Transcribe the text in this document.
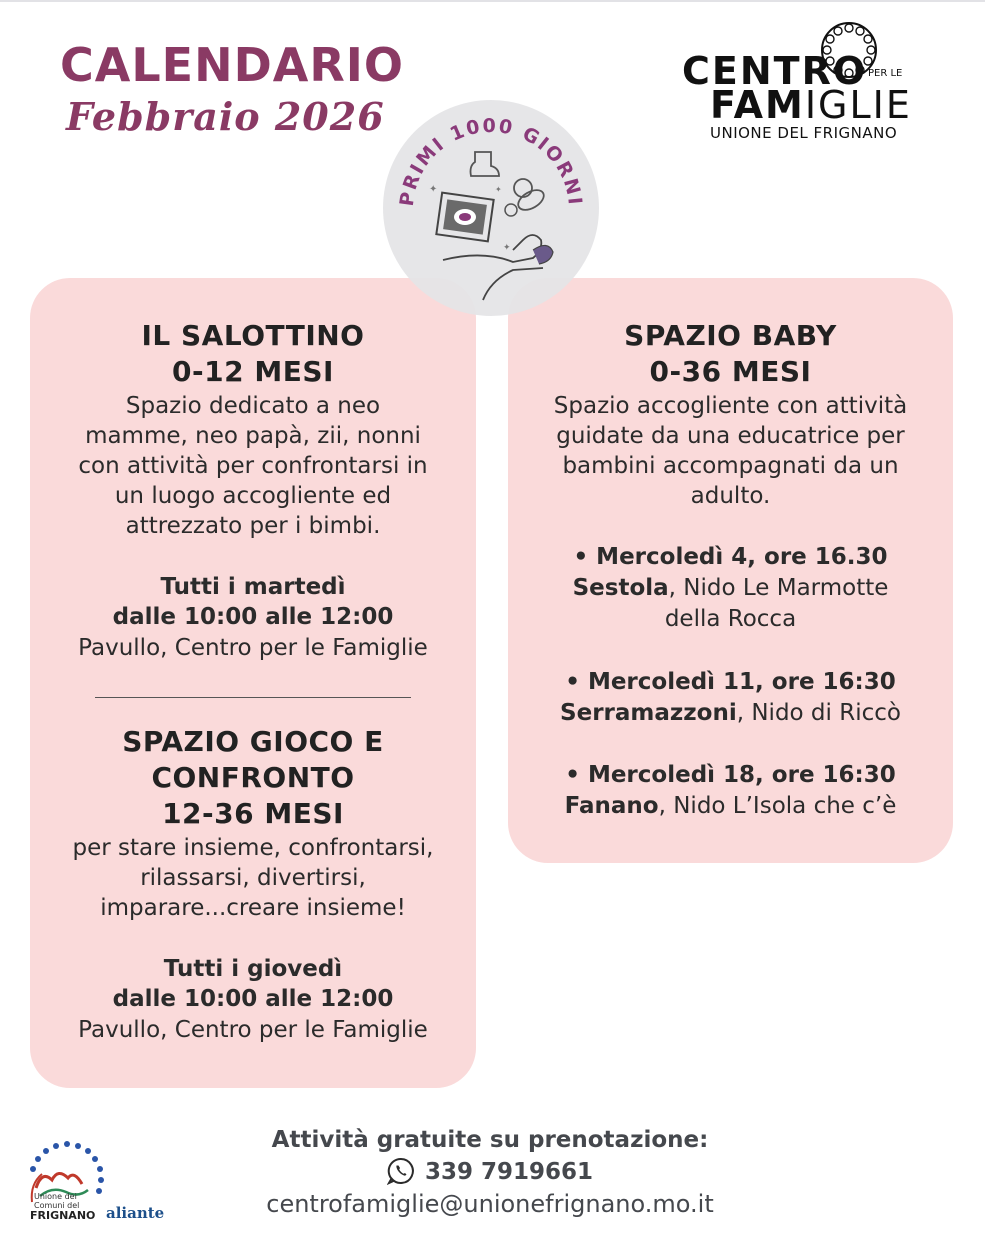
CALENDARIO
Febbraio 2026
CENTRO PER LE
FAMIGLIE
UNIONE DEL FRIGNANO
PRIMI 1000 GIORNI
✦	✦
✦
IL SALOTTINO
0-12 MESI
Spazio dedicato a neo
mamme, neo papà, zii, nonni
con attività per confrontarsi in
un luogo accogliente ed
attrezzato per i bimbi.
Tutti i martedì
dalle 10:00 alle 12:00
Pavullo, Centro per le Famiglie
SPAZIO GIOCO E
CONFRONTO
12-36 MESI
per stare insieme, confrontarsi,
rilassarsi, divertirsi,
imparare...creare insieme!
Tutti i giovedì
dalle 10:00 alle 12:00
Pavullo, Centro per le Famiglie
SPAZIO BABY
0-36 MESI
Spazio accogliente con attività
guidate da una educatrice per
bambini accompagnati da un
adulto.
• Mercoledì 4, ore 16.30
Sestola, Nido Le Marmotte
della Rocca
• Mercoledì 11, ore 16:30
Serramazzoni, Nido di Riccò
• Mercoledì 18, ore 16:30
Fanano, Nido L’Isola che c’è
Attività gratuite su prenotazione:
339 7919661
centrofamiglie@unionefrignano.mo.it
Unione dei
Comuni del
FRIGNANO aliante
